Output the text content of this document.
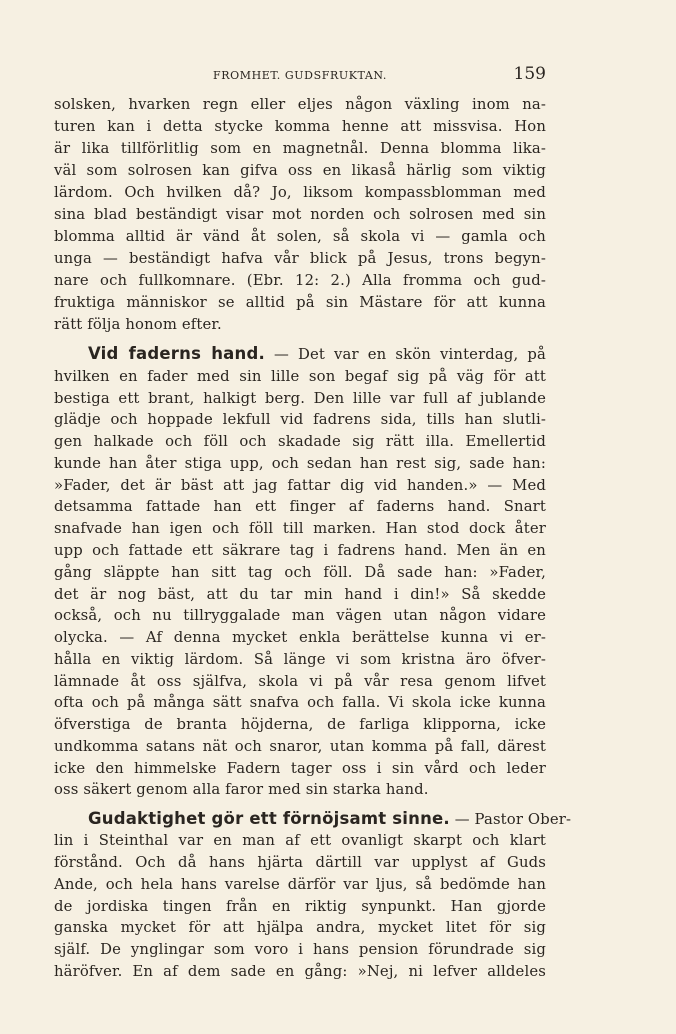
FROMHET. GUDSFRUKTAN.	159
solsken, hvarken regn eller eljes någon växling inom na-
turen kan i detta stycke komma henne att missvisa. Hon
är lika tillförlitlig som en magnetnål. Denna blomma lika-
väl som solrosen kan gifva oss en likaså härlig som viktig
lärdom. Och hvilken då? Jo, liksom kompassblomman med
sina blad beständigt visar mot norden och solrosen med sin
blomma alltid är vänd åt solen, så skola vi — gamla och
unga — beständigt hafva vår blick på Jesus, trons begyn-
nare och fullkomnare. (Ebr. 12: 2.) Alla fromma och gud-
fruktiga människor se alltid på sin Mästare för att kunna
rätt följa honom efter.
Vid faderns hand. — Det var en skön vinterdag, på
hvilken en fader med sin lille son begaf sig på väg för att
bestiga ett brant, halkigt berg. Den lille var full af jublande
glädje och hoppade lekfull vid fadrens sida, tills han slutli-
gen halkade och föll och skadade sig rätt illa. Emellertid
kunde han åter stiga upp, och sedan han rest sig, sade han:
»Fader, det är bäst att jag fattar dig vid handen.» — Med
detsamma fattade han ett finger af faderns hand. Snart
snafvade han igen och föll till marken. Han stod dock åter
upp och fattade ett säkrare tag i fadrens hand. Men än en
gång släppte han sitt tag och föll. Då sade han: »Fader,
det är nog bäst, att du tar min hand i din!» Så skedde
också, och nu tillryggalade man vägen utan någon vidare
olycka. — Af denna mycket enkla berättelse kunna vi er-
hålla en viktig lärdom. Så länge vi som kristna äro öfver-
lämnade åt oss själfva, skola vi på vår resa genom lifvet
ofta och på många sätt snafva och falla. Vi skola icke kunna
öfverstiga de branta höjderna, de farliga klipporna, icke
undkomma satans nät och snaror, utan komma på fall, därest
icke den himmelske Fadern tager oss i sin vård och leder
oss säkert genom alla faror med sin starka hand.
Gudaktighet gör ett förnöjsamt sinne. — Pastor Ober-
lin i Steinthal var en man af ett ovanligt skarpt och klart
förstånd. Och då hans hjärta därtill var upplyst af Guds
Ande, och hela hans varelse därför var ljus, så bedömde han
de jordiska tingen från en riktig synpunkt. Han gjorde
ganska mycket för att hjälpa andra, mycket litet för sig
själf. De ynglingar som voro i hans pension förundrade sig
häröfver. En af dem sade en gång: »Nej, ni lefver alldeles
